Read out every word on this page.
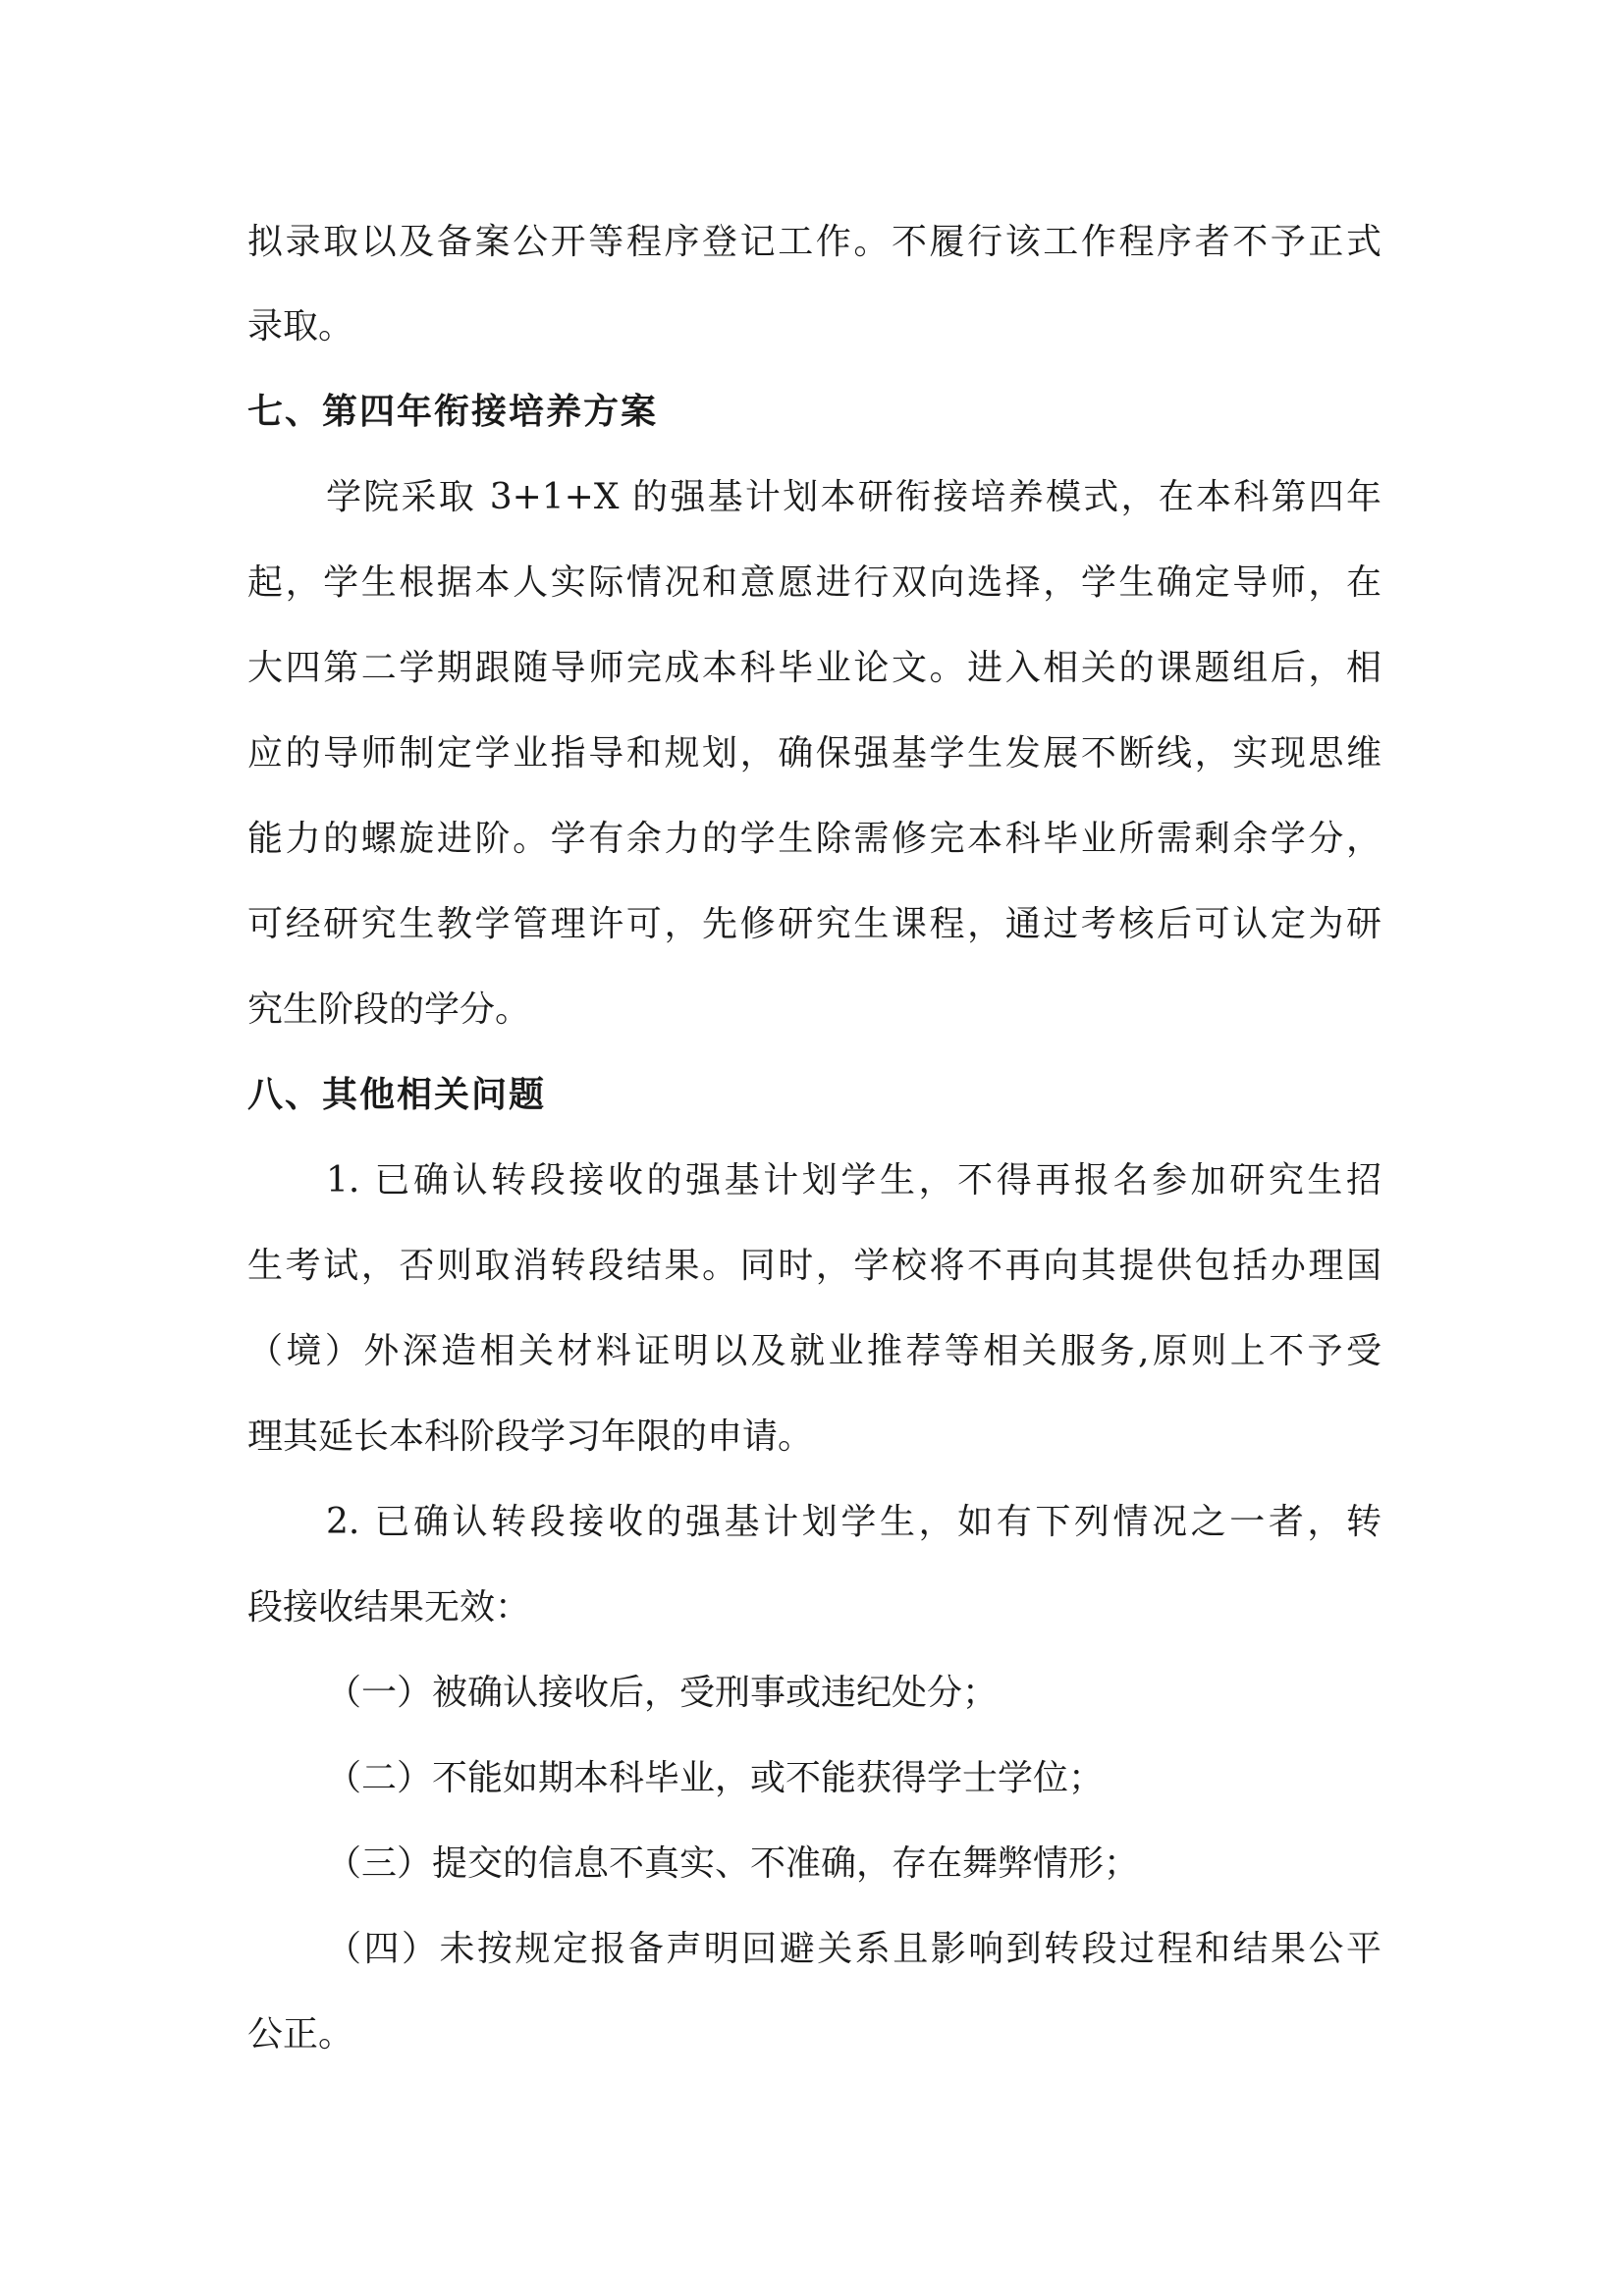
拟录取以及备案公开等程序登记工作。不履行该工作程序者不予正式

录取。

七、第四年衔接培养方案

学院采取 3+1+X 的强基计划本研衔接培养模式，在本科第四年

起，学生根据本人实际情况和意愿进行双向选择，学生确定导师，在

大四第二学期跟随导师完成本科毕业论文。进入相关的课题组后，相

应的导师制定学业指导和规划，确保强基学生发展不断线，实现思维

能力的螺旋进阶。学有余力的学生除需修完本科毕业所需剩余学分，

可经研究生教学管理许可，先修研究生课程，通过考核后可认定为研

究生阶段的学分。

八、其他相关问题

1. 已确认转段接收的强基计划学生，不得再报名参加研究生招

生考试，否则取消转段结果。同时，学校将不再向其提供包括办理国

（境）外深造相关材料证明以及就业推荐等相关服务,原则上不予受

理其延长本科阶段学习年限的申请。

2. 已确认转段接收的强基计划学生，如有下列情况之一者，转

段接收结果无效：

（一）被确认接收后，受刑事或违纪处分；

（二）不能如期本科毕业，或不能获得学士学位；

（三）提交的信息不真实、不准确，存在舞弊情形；

（四）未按规定报备声明回避关系且影响到转段过程和结果公平

公正。
